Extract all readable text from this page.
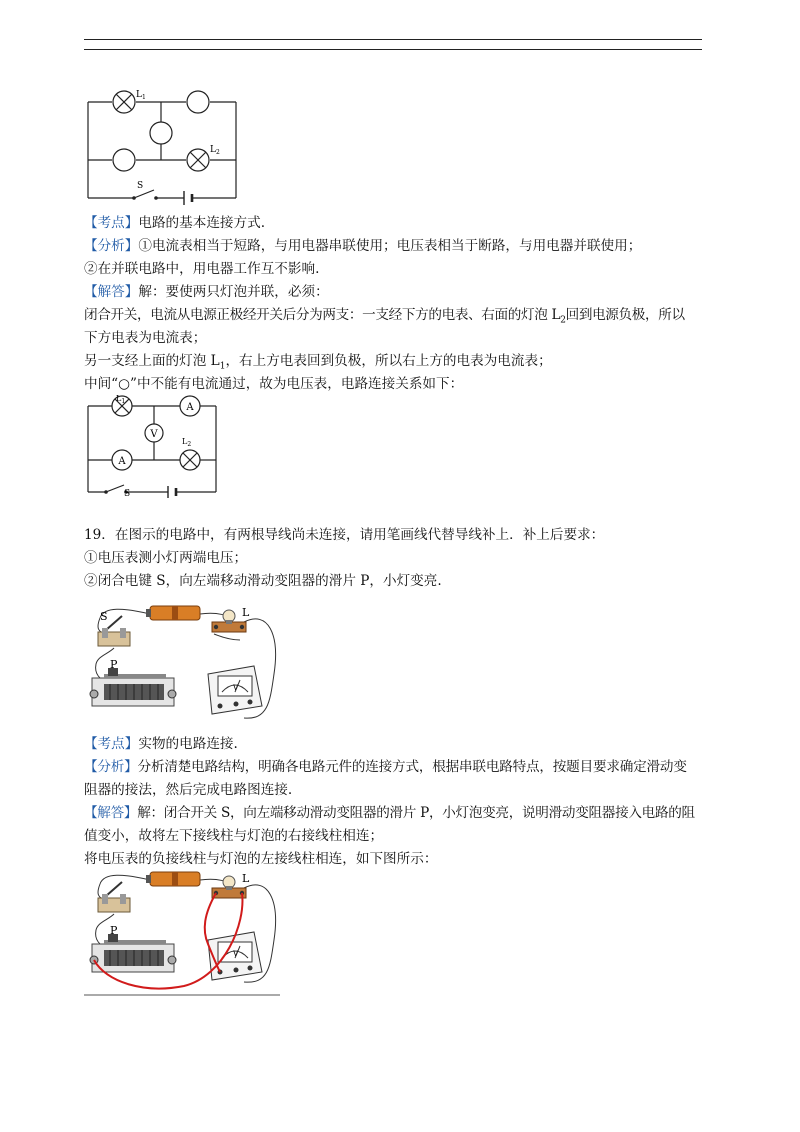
$L_1$
$L_2$
S
【考点】电路的基本连接方式.
【分析】①电流表相当于短路，与用电器串联使用；电压表相当于断路，与用电器并联使用；
②在并联电路中，用电器工作互不影响.
【解答】解：要使两只灯泡并联，必须：
闭合开关，电流从电源正极经开关后分为两支：一支经下方的电表、右面的灯泡 $L_2$回到电源负极，所以
下方电表为电流表；
另一支经上面的灯泡 $L_1$，右上方电表回到负极，所以右上方的电表为电流表；
中间“○”中不能有电流通过，故为电压表，电路连接关系如下：
A
V
A
$L_1$
$L_2$
S
19．在图示的电路中，有两根导线尚未连接，请用笔画线代替导线补上．补上后要求：
①电压表测小灯两端电压；
②闭合电键 S，向左端移动滑动变阻器的滑片 P，小灯变亮.
L
S
P
V
【考点】实物的电路连接.
【分析】分析清楚电路结构，明确各电路元件的连接方式，根据串联电路特点，按题目要求确定滑动变
阻器的接法，然后完成电路图连接.
【解答】解：闭合开关 S，向左端移动滑动变阻器的滑片 P，小灯泡变亮，说明滑动变阻器接入电路的阻
值变小，故将左下接线柱与灯泡的右接线柱相连；
将电压表的负接线柱与灯泡的左接线柱相连，如下图所示：
L
P
V
